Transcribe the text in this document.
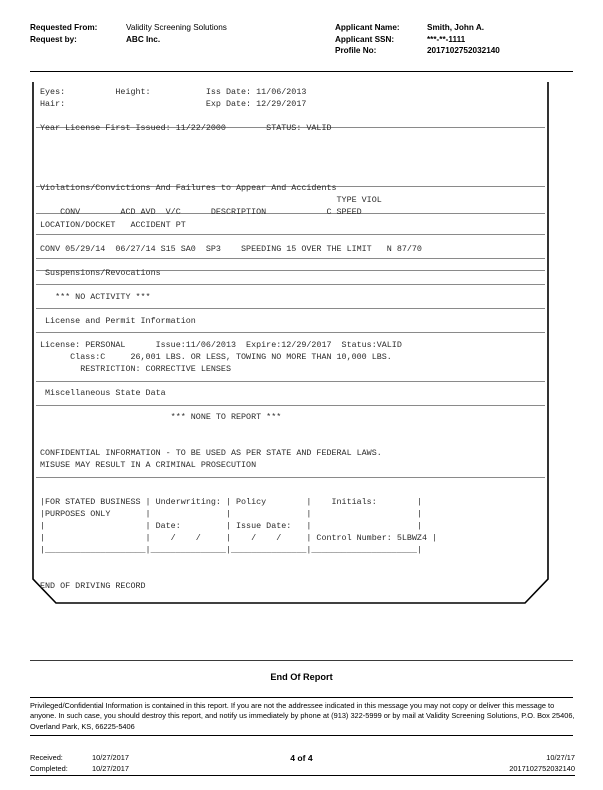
Requested From:	Validity Screening Solutions
Request by:	ABC Inc.
Applicant Name:	Smith, John A.
Applicant SSN:	***-**-1111
Profile No:	2017102752032140
Eyes:          Height:           Iss Date: 11/06/2013
Hair:                            Exp Date: 12/29/2017

Year License First Issued: 11/22/2000        STATUS: VALID

Violations/Convictions And Failures to Appear And Accidents
TYPE VIOL
CONV        ACD AVD  V/C      DESCRIPTION            C SPEED
LOCATION/DOCKET   ACCIDENT PT

CONV 05/29/14  06/27/14 S15 SA0  SP3    SPEEDING 15 OVER THE LIMIT   N 87/70

Suspensions/Revocations

*** NO ACTIVITY ***

License and Permit Information

License: PERSONAL      Issue:11/06/2013  Expire:12/29/2017  Status:VALID
Class:C     26,001 LBS. OR LESS, TOWING NO MORE THAN 10,000 LBS.
RESTRICTION: CORRECTIVE LENSES

Miscellaneous State Data

*** NONE TO REPORT ***

CONFIDENTIAL INFORMATION - TO BE USED AS PER STATE AND FEDERAL LAWS.
MISUSE MAY RESULT IN A CRIMINAL PROSECUTION

|FOR STATED BUSINESS | Underwriting: | Policy        |    Initials:        |
|PURPOSES ONLY       |               |               |                     |
|                    | Date:         | Issue Date:   |                     |
|                    |    /    /     |    /    /     | Control Number: 5LBWZ4 |
|____________________|_______________|_______________|_____________________|

END OF DRIVING RECORD
End Of Report
Privileged/Confidential Information is contained in this report. If you are not the addressee indicated in this message you may not copy or deliver this message to anyone. In such case, you should destroy this report, and notify us immediately by phone at (913) 322-5999 or by mail at Validity Screening Solutions, P.O. Box 25406, Overland Park, KS, 66225-5406
Received:	10/27/2017
Completed:	10/27/2017
4 of 4	10/27/17
2017102752032140
